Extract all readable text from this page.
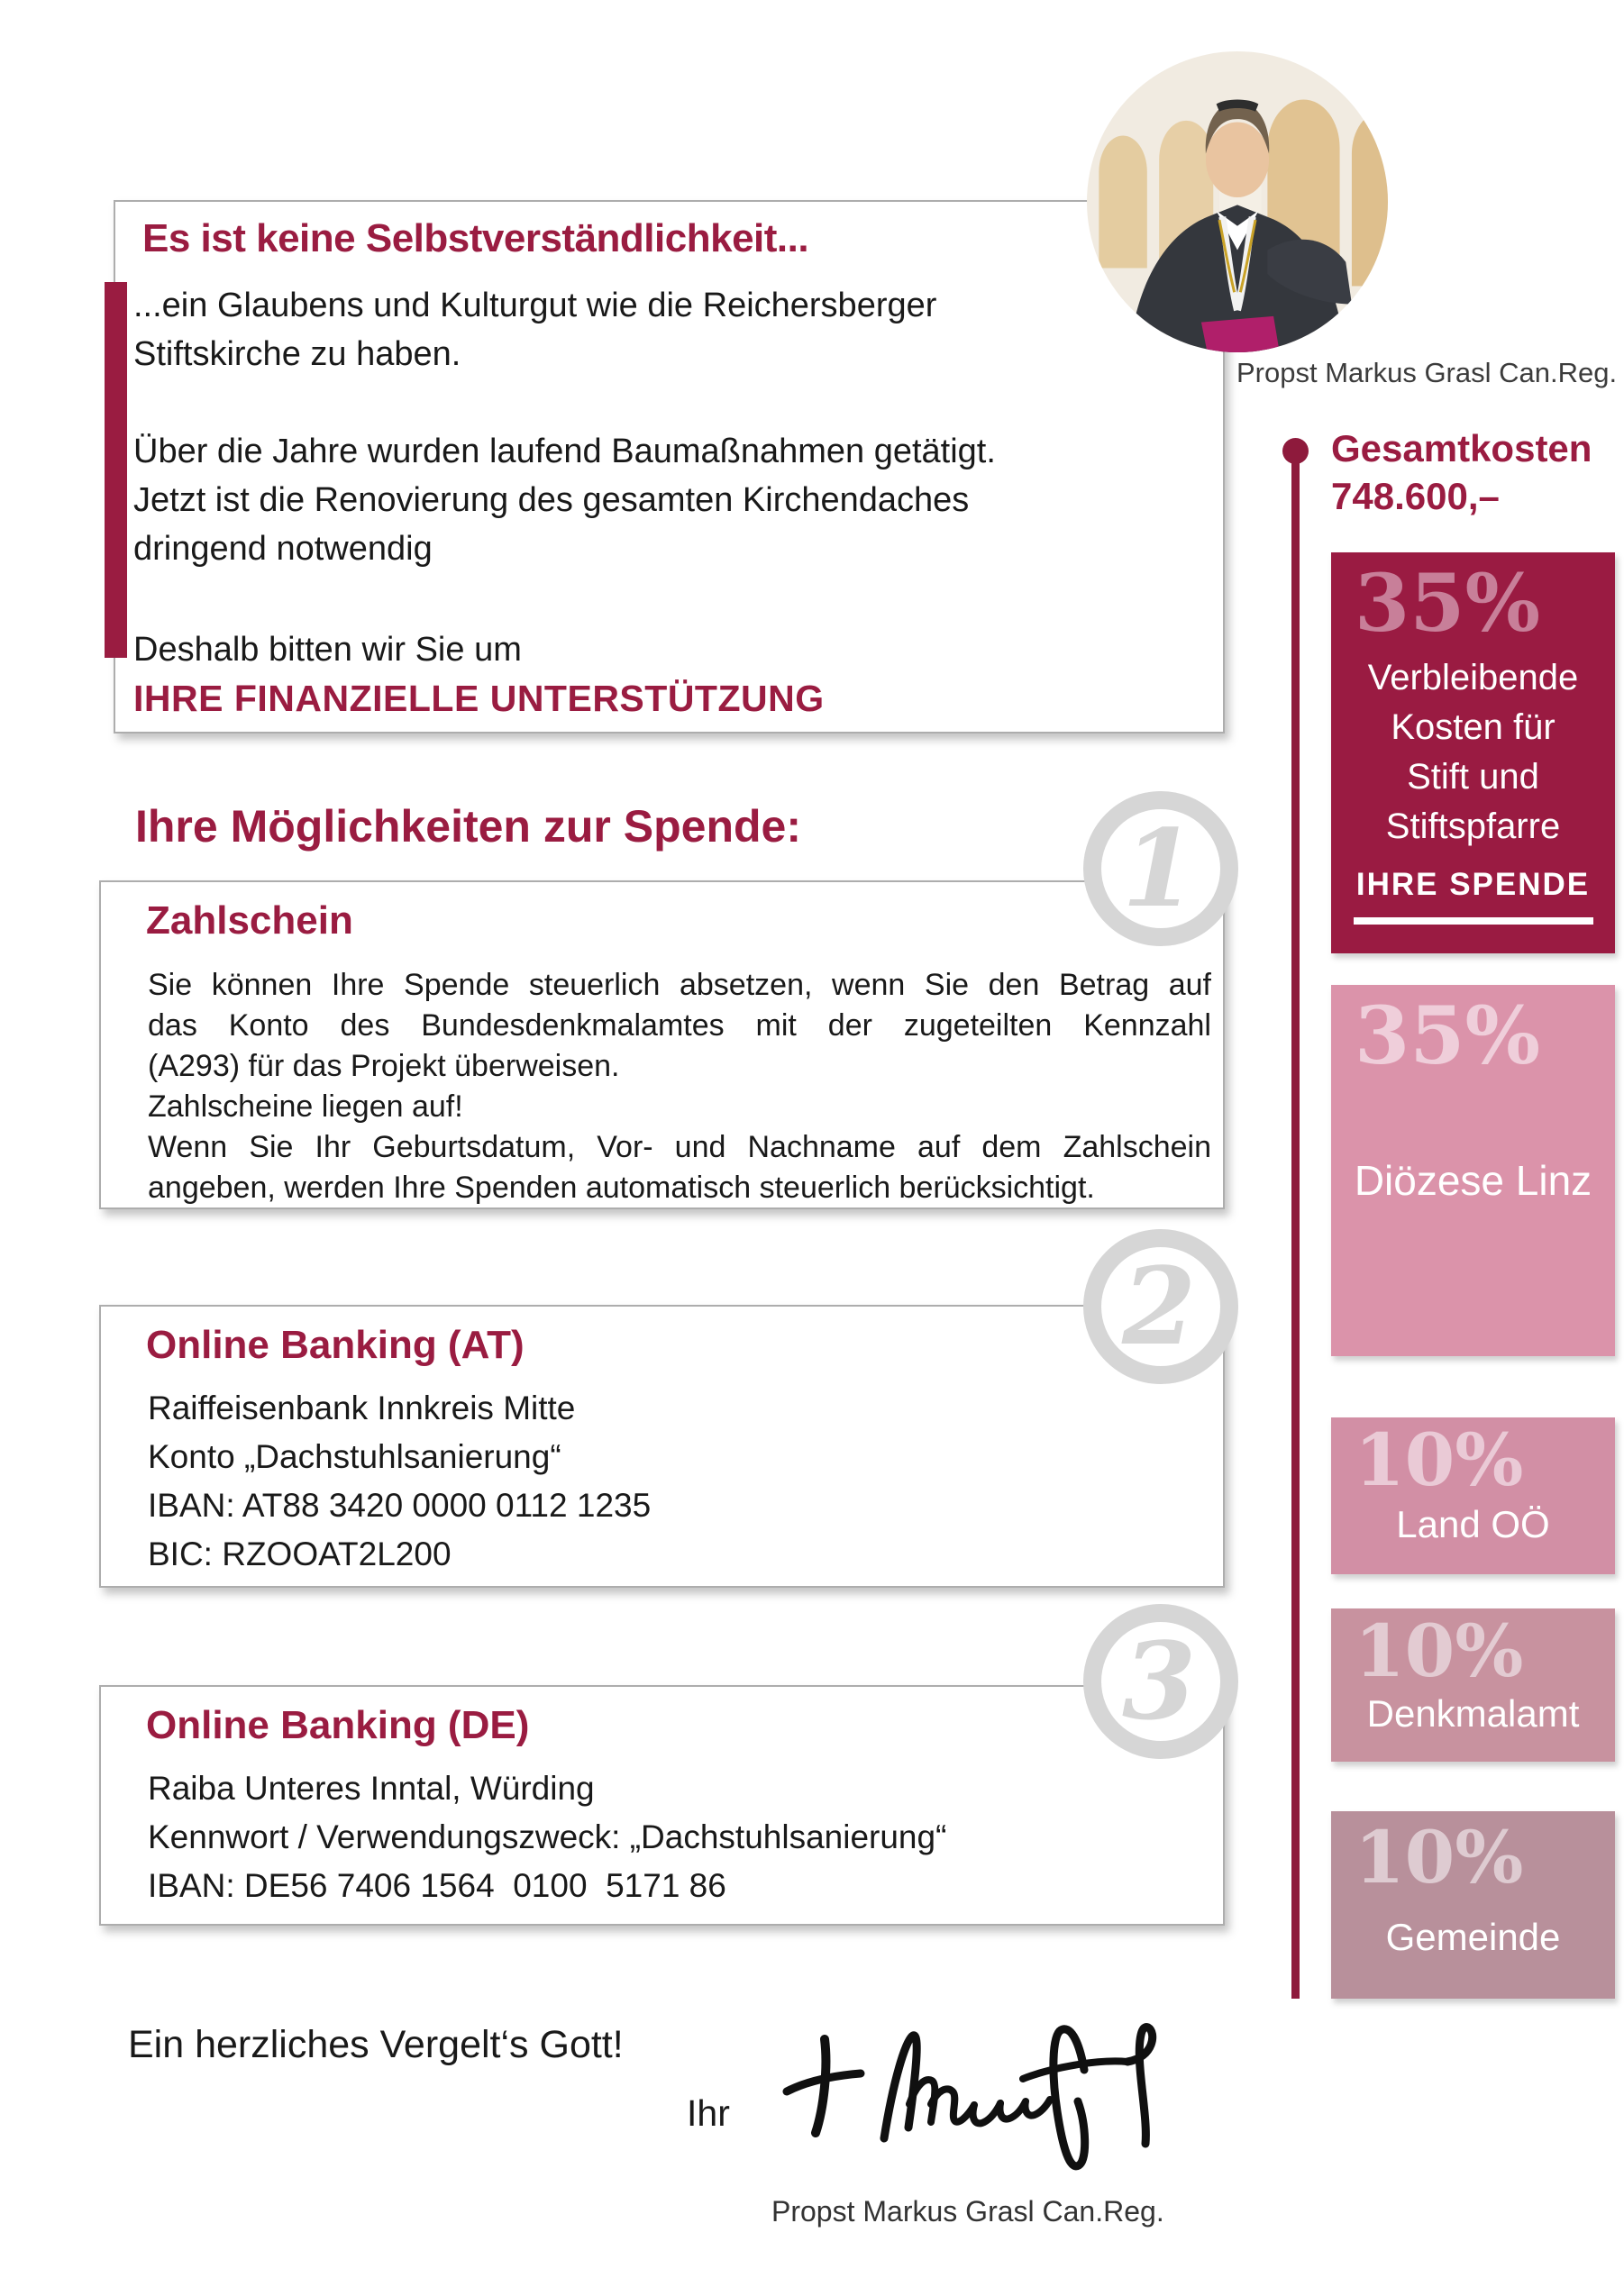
Es ist keine Selbstverständlichkeit...
...ein Glaubens und Kulturgut wie die Reichersberger
Stiftskirche zu haben.
Über die Jahre wurden laufend Baumaßnahmen getätigt.
Jetzt ist die Renovierung des gesamten Kirchendaches
dringend notwendig
Deshalb bitten wir Sie um
IHRE FINANZIELLE UNTERSTÜTZUNG
Propst Markus Grasl Can.Reg.
Ihre Möglichkeiten zur Spende:
Zahlschein
Sie können Ihre Spende steuerlich absetzen, wenn Sie den Betrag auf
das Konto des Bundesdenkmalamtes mit der zugeteilten Kennzahl
(A293) für das Projekt überweisen.
Zahlscheine liegen auf!
Wenn Sie Ihr Geburtsdatum, Vor- und Nachname auf dem Zahlschein
angeben, werden Ihre Spenden automatisch steuerlich berücksichtigt.
Online Banking (AT)
Raiffeisenbank Innkreis Mitte
Konto „Dachstuhlsanierung“
IBAN: AT88 3420 0000 0112 1235
BIC: RZOOAT2L200
Online Banking (DE)
Raiba Unteres Inntal, Würding
Kennwort / Verwendungszweck: „Dachstuhlsanierung“
IBAN: DE56 7406 1564  0100  5171 86
1
2
3
Gesamtkosten
748.600,–
35%
Verbleibende
Kosten für
Stift und
Stiftspfarre
IHRE SPENDE
35%
Diözese Linz
10%
Land OÖ
10%
Denkmalamt
10%
Gemeinde
Ein herzliches Vergelt‘s Gott!
Ihr
Propst Markus Grasl Can.Reg.
